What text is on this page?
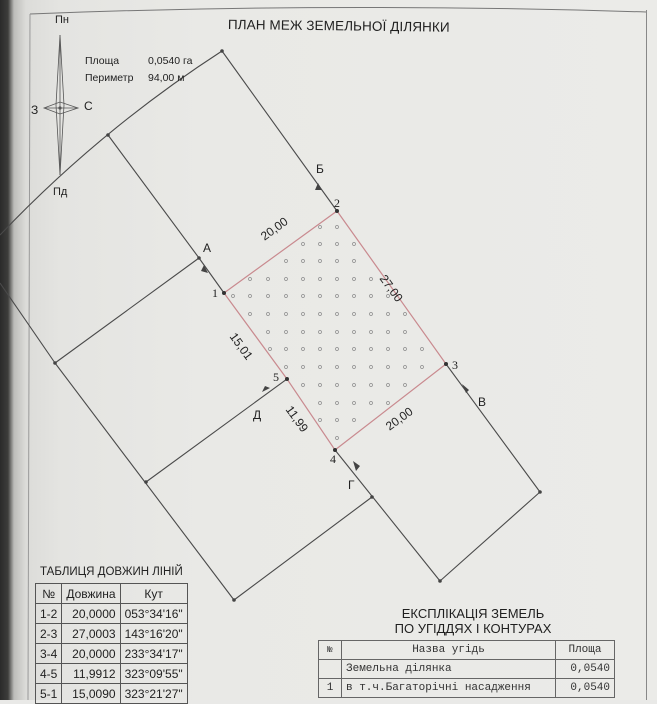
ПЛАН МЕЖ ЗЕМЕЛЬНОЇ ДІЛЯНКИ
Пн
Пд
З	С
Площа	0,0540 га
Периметр 94,00 м
1
2
3
4
5
А
Б
В
Г
Д
20,00
27,00
20,00
11,99
15,01
ТАБЛИЦЯ ДОВЖИН ЛІНІЙ
№	Довжина	Кут
1-2	20,0000	053°34'16"
2-3	27,0003	143°16'20"
3-4	20,0000	233°34'17"
4-5	11,9912	323°09'55"
5-1	15,0090	323°21'27"
ЕКСПЛІКАЦІЯ ЗЕМЕЛЬ
ПО УГІДДЯХ І КОНТУРАХ
№	Назва угідь	Площа
	Земельна ділянка	0,0540
1	в т.ч.Багаторічні насадження	0,0540
